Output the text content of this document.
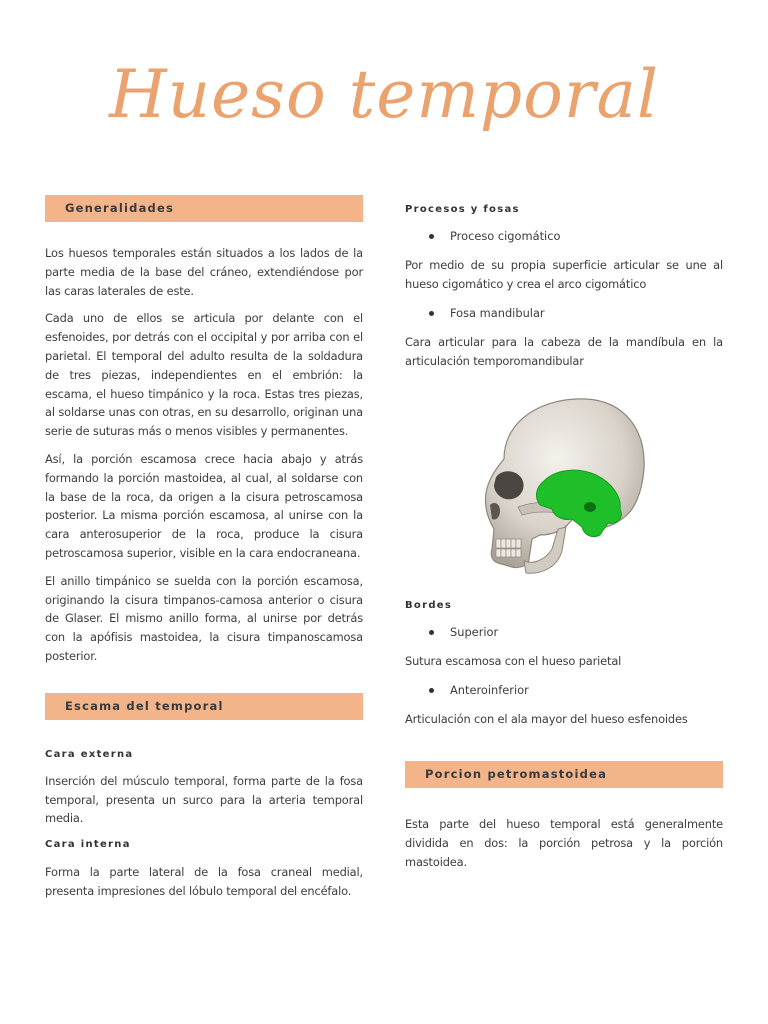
Hueso temporal
Generalidades

Los huesos temporales están situados a los lados de la parte media de la base del cráneo, extendiéndose por las caras laterales de este.

Cada uno de ellos se articula por delante con el esfenoides, por detrás con el occipital y por arriba con el parietal. El temporal del adulto resulta de la soldadura de tres piezas, independientes en el embrión: la escama, el hueso timpánico y la roca. Estas tres piezas, al soldarse unas con otras, en su desarrollo, originan una serie de suturas más o menos visibles y permanentes.

Así, la porción escamosa crece hacia abajo y atrás formando la porción mastoidea, al cual, al soldarse con la base de la roca, da origen a la cisura petroscamosa posterior. La misma porción escamosa, al unirse con la cara anterosuperior de la roca, produce la cisura petroscamosa superior, visible en la cara endocraneana.

El anillo timpánico se suelda con la porción escamosa, originando la cisura timpanos-camosa anterior o cisura de Glaser. El mismo anillo forma, al unirse por detrás con la apófisis mastoidea, la cisura timpanoscamosa posterior.

Escama del temporal
Cara externa

Inserción del músculo temporal, forma parte de la fosa temporal, presenta un surco para la arteria temporal media.

Cara interna

Forma la parte lateral de la fosa craneal medial, presenta impresiones del lóbulo temporal del encéfalo.

Procesos y fosas
Proceso cigomático

Por medio de su propia superficie articular se une al hueso cigomático y crea el arco cigomático

Fosa mandibular

Cara articular para la cabeza de la mandíbula en la articulación temporomandibular

Bordes
Superior

Sutura escamosa con el hueso parietal

Anteroinferior

Articulación con el ala mayor del hueso esfenoides

Porcion petromastoidea

Esta parte del hueso temporal está generalmente dividida en dos: la porción petrosa y la porción mastoidea.
